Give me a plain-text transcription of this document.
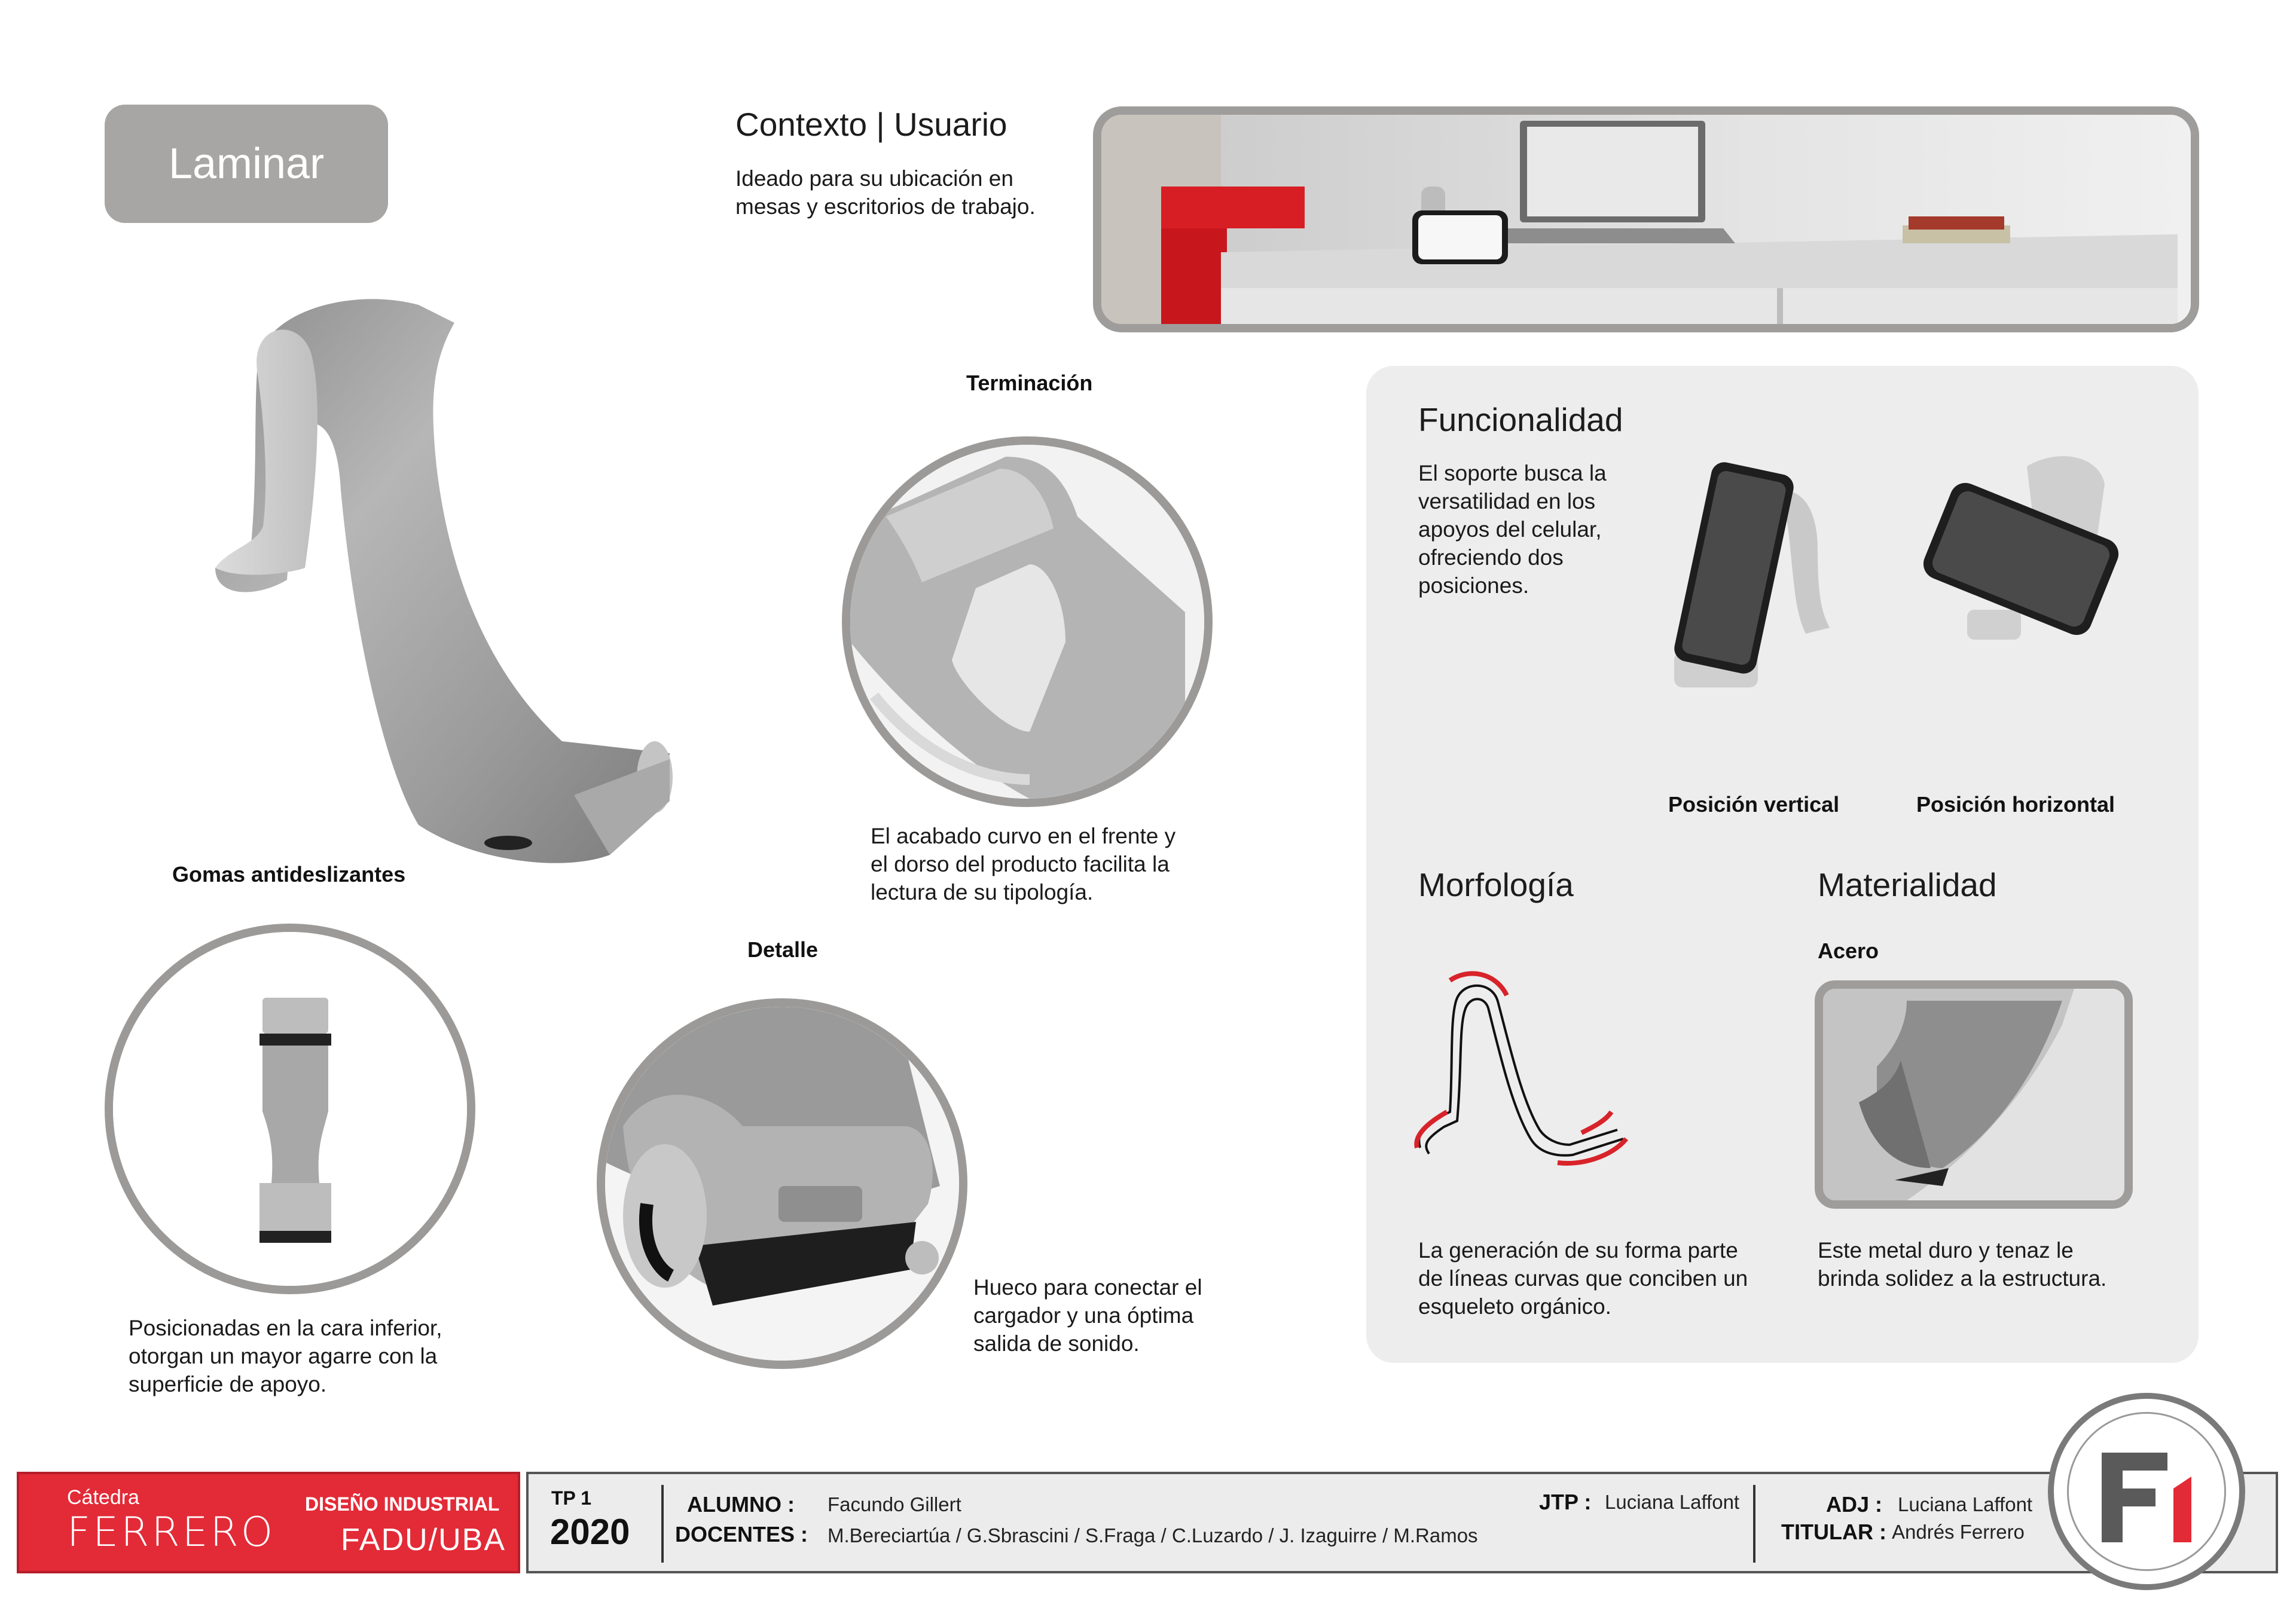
Laminar
Contexto | Usuario
Ideado para su ubicación en
mesas y escritorios de trabajo.
Terminación
El acabado curvo en el frente y
el dorso del producto facilita la
lectura de su tipología.
Gomas antideslizantes
Posicionadas en la cara inferior,
otorgan un mayor agarre con la
superficie de apoyo.
Detalle
Hueco para conectar el
cargador y una óptima
salida de sonido.
Funcionalidad
El soporte busca la
versatilidad en los
apoyos del celular,
ofreciendo dos
posiciones.
Posición vertical	Posición horizontal
Morfología
La generación de su forma parte
de líneas curvas que conciben un
esqueleto orgánico.
Materialidad
Acero
Este metal duro y tenaz le
brinda solidez a la estructura.
Cátedra
FERRERO
DISEÑO INDUSTRIAL
FADU/UBA
TP 1
2020
ALUMNO : Facundo Gillert
DOCENTES : M.Bereciartúa / G.Sbrascini / S.Fraga / C.Luzardo / J. Izaguirre / M.Ramos
JTP : Luciana Laffont	ADJ : Luciana Laffont
TITULAR : Andrés Ferrero
